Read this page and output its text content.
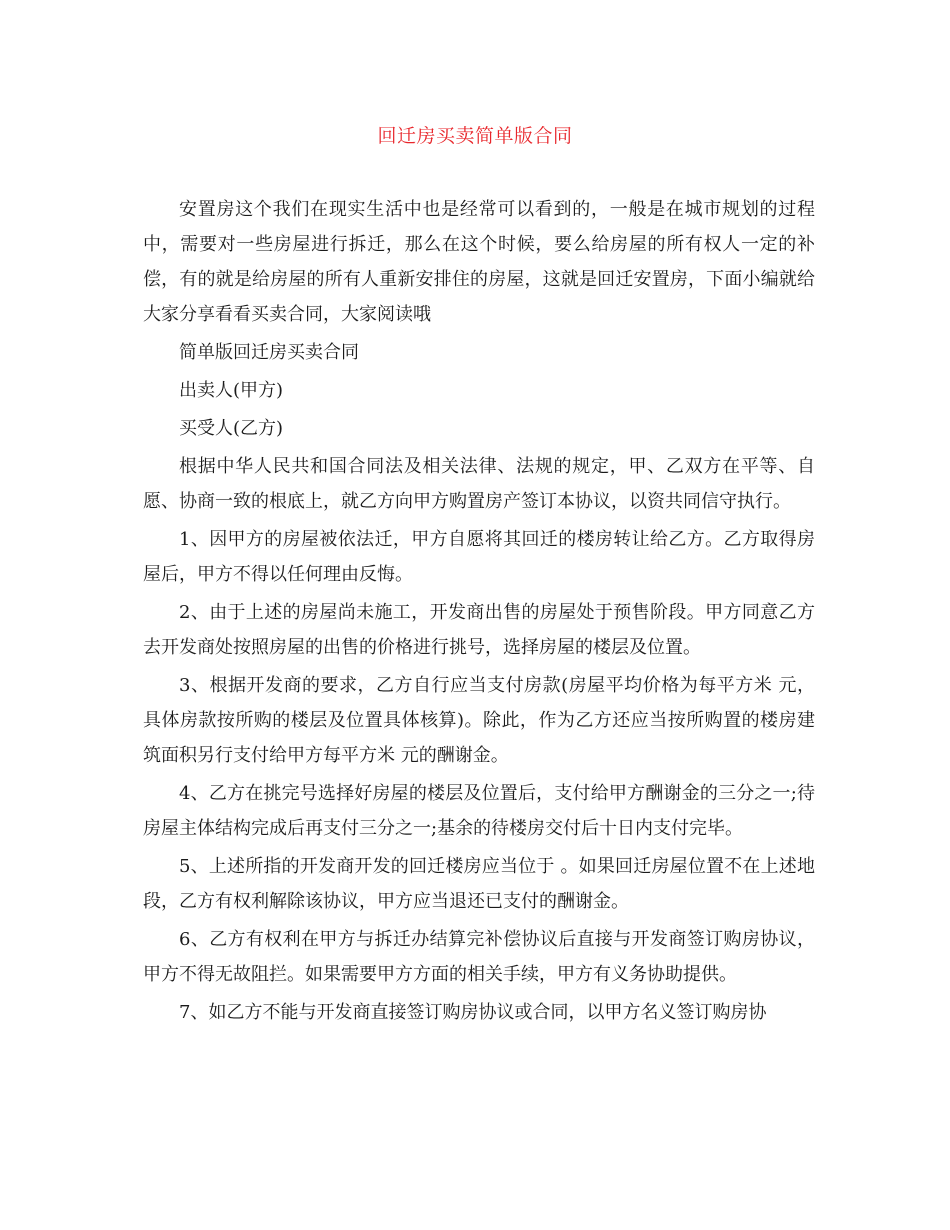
回迁房买卖简单版合同

安置房这个我们在现实生活中也是经常可以看到的，一般是在城市规划的过程中，需要对一些房屋进行拆迁，那么在这个时候，要么给房屋的所有权人一定的补偿，有的就是给房屋的所有人重新安排住的房屋，这就是回迁安置房，下面小编就给大家分享看看买卖合同，大家阅读哦

简单版回迁房买卖合同

出卖人(甲方)

买受人(乙方)

根据中华人民共和国合同法及相关法律、法规的规定，甲、乙双方在平等、自愿、协商一致的根底上，就乙方向甲方购置房产签订本协议，以资共同信守执行。

1、因甲方的房屋被依法迁，甲方自愿将其回迁的楼房转让给乙方。乙方取得房屋后，甲方不得以任何理由反悔。

2、由于上述的房屋尚未施工，开发商出售的房屋处于预售阶段。甲方同意乙方去开发商处按照房屋的出售的价格进行挑号，选择房屋的楼层及位置。

3、根据开发商的要求，乙方自行应当支付房款(房屋平均价格为每平方米 元，具体房款按所购的楼层及位置具体核算)。除此，作为乙方还应当按所购置的楼房建筑面积另行支付给甲方每平方米 元的酬谢金。

4、乙方在挑完号选择好房屋的楼层及位置后，支付给甲方酬谢金的三分之一;待房屋主体结构完成后再支付三分之一;基余的待楼房交付后十日内支付完毕。

5、上述所指的开发商开发的回迁楼房应当位于 。如果回迁房屋位置不在上述地段，乙方有权利解除该协议，甲方应当退还已支付的酬谢金。

6、乙方有权利在甲方与拆迁办结算完补偿协议后直接与开发商签订购房协议，甲方不得无故阻拦。如果需要甲方方面的相关手续，甲方有义务协助提供。

7、如乙方不能与开发商直接签订购房协议或合同，以甲方名义签订购房协
